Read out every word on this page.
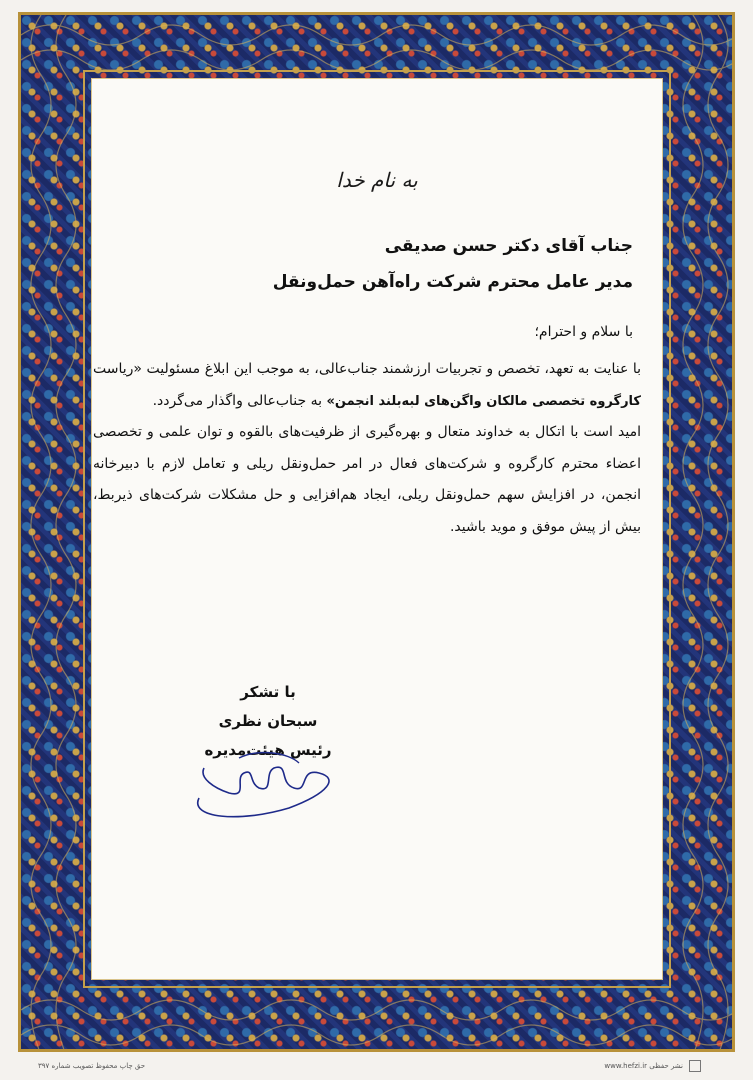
به نام خدا
جناب آقای دکتر حسن صدیقی
مدیر عامل محترم شرکت راه‌آهن حمل‌ونقل
با سلام و احترام؛

با عنایت به تعهد، تخصص و تجربیات ارزشمند جناب‌عالی، به موجب این ابلاغ مسئولیت «ریاست کارگروه تخصصی مالکان واگن‌های لبه‌بلند انجمن» به جناب‌عالی واگذار می‌گردد.

امید است با اتکال به خداوند متعال و بهره‌گیری از ظرفیت‌های بالقوه و توان علمی و تخصصی اعضاء محترم کارگروه و شرکت‌های فعال در امر حمل‌ونقل ریلی و تعامل لازم با دبیرخانه انجمن، در افزایش سهم حمل‌ونقل ریلی، ایجاد هم‌افزایی و حل مشکلات شرکت‌های ذیربط، بیش از پیش موفق و موید باشید.

با تشکر
سبحان نظری
رئیس هیئت‌مدیره
نشر حفظی www.hefzi.ir
حق چاپ محفوظ تصویب شماره ۳۹۷
